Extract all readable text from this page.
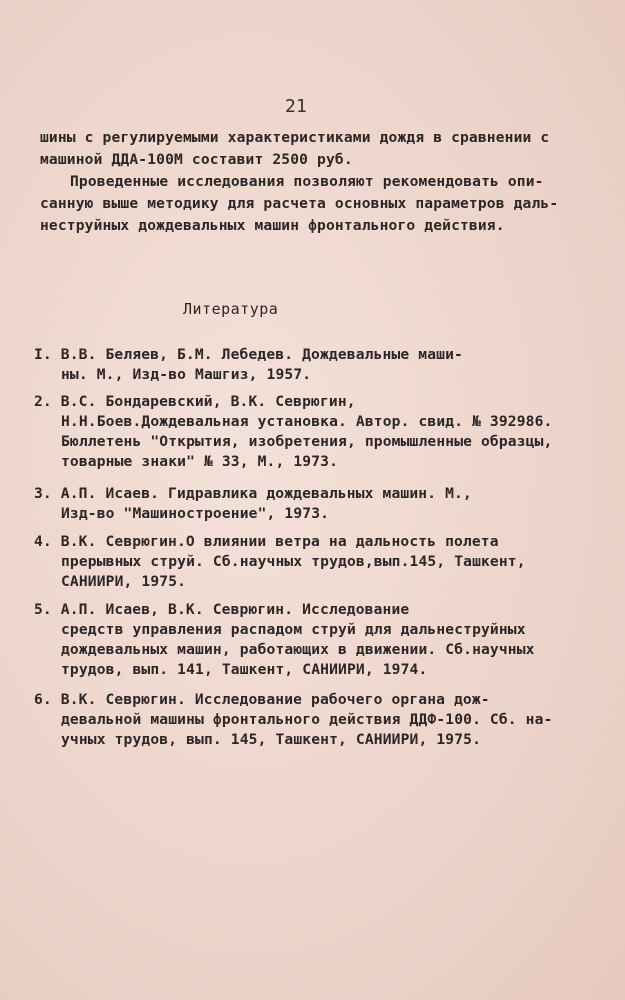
21
шины с регулируемыми характеристиками дождя в сравнении с
машиной ДДА-100М составит 2500 руб.
Проведенные исследования позволяют рекомендовать опи-
санную выше методику для расчета основных параметров даль-
неструйных дождевальных машин фронтального действия.
Литература
I. В.В. Беляев, Б.М. Лебедев. Дождевальные маши-
ны. М., Изд-во Машгиз, 1957.
2. В.С. Бондаревский, В.К. Севрюгин,
Н.Н.Боев.Дождевальная установка. Автор. свид. № 392986.
Бюллетень "Открытия, изобретения, промышленные образцы,
товарные знаки" № 33, М., 1973.
3. А.П. Исаев. Гидравлика дождевальных машин. М.,
Изд-во "Машиностроение", 1973.
4. В.К. Севрюгин.О влиянии ветра на дальность полета
прерывных струй. Сб.научных трудов,вып.145, Ташкент,
САНИИРИ, 1975.
5. А.П. Исаев, В.К. Севрюгин. Исследование
средств управления распадом струй для дальнеструйных
дождевальных машин, работающих в движении. Сб.научных
трудов, вып. 141, Ташкент, САНИИРИ, 1974.
6. В.К. Севрюгин. Исследование рабочего органа дож-
девальной машины фронтального действия ДДФ-100. Сб. на-
учных трудов, вып. 145, Ташкент, САНИИРИ, 1975.
